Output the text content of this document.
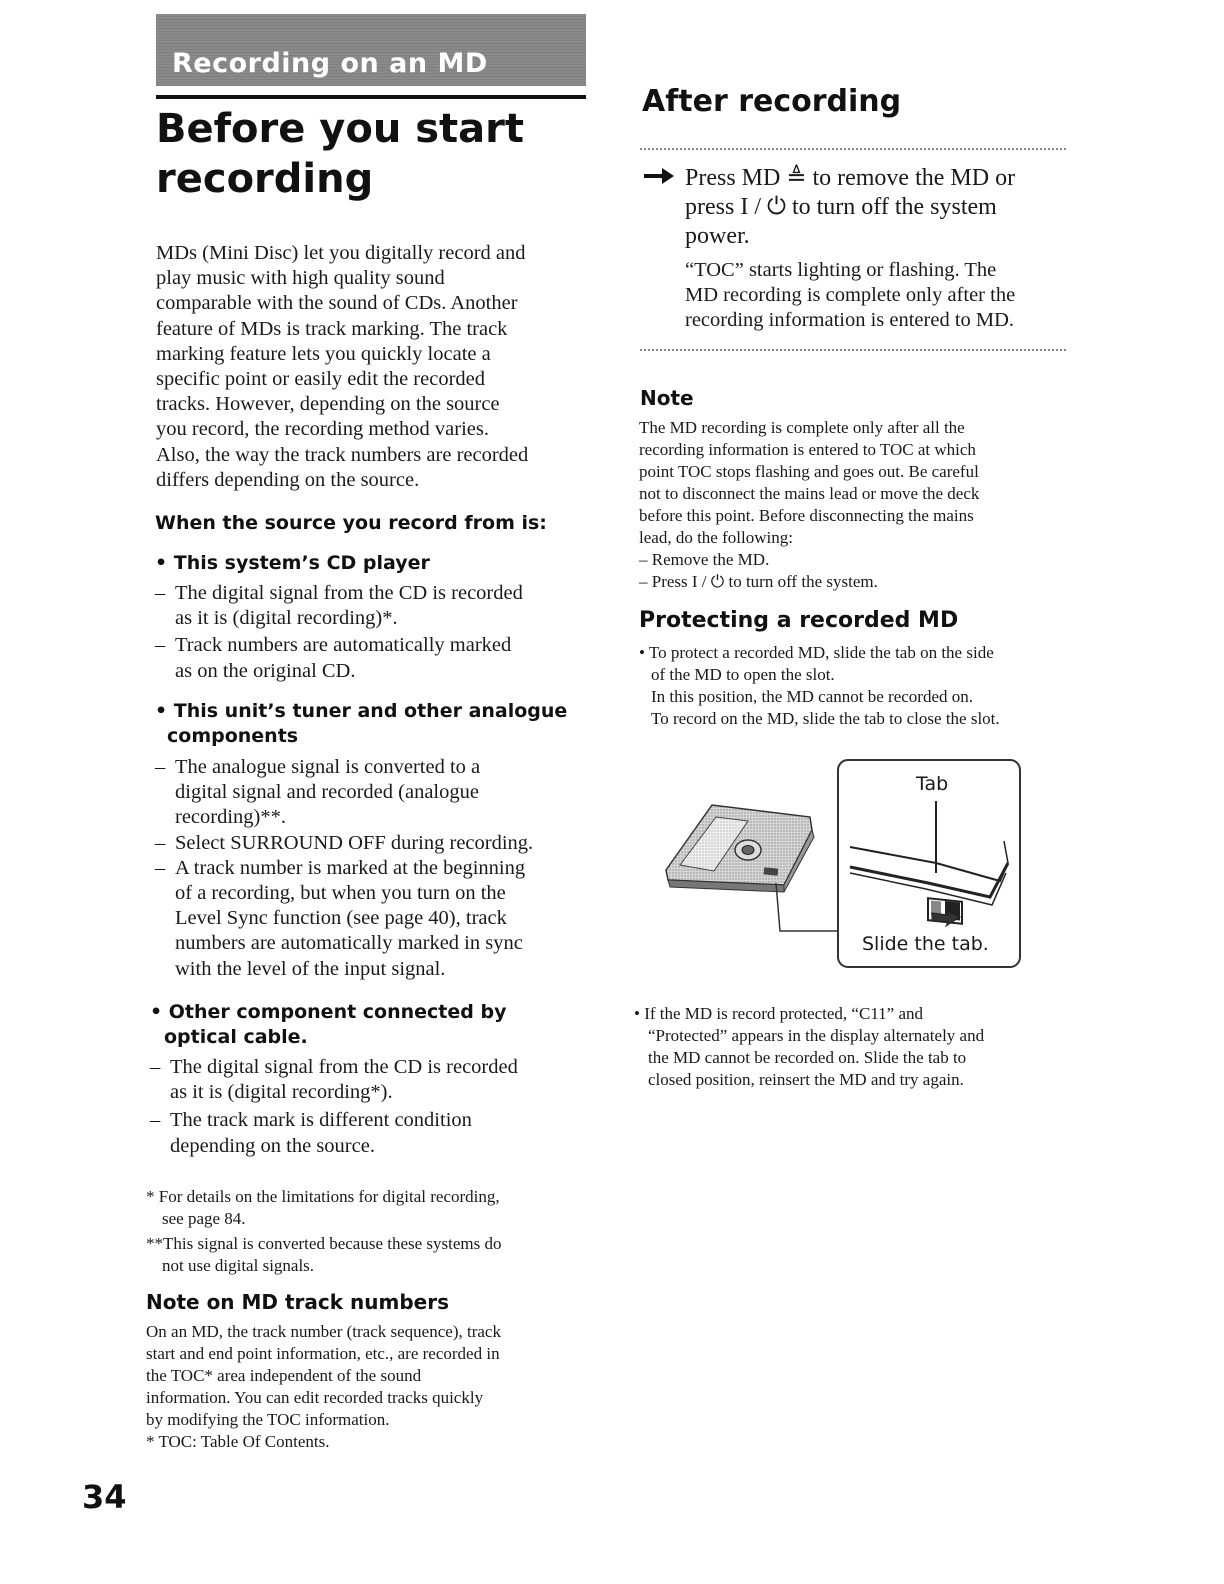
Recording on an MD
Before you start
recording
MDs (Mini Disc) let you digitally record and
play music with high quality sound
comparable with the sound of CDs. Another
feature of MDs is track marking. The track
marking feature lets you quickly locate a
specific point or easily edit the recorded
tracks. However, depending on the source
you record, the recording method varies.
Also, the way the track numbers are recorded
differs depending on the source.
When the source you record from is:
• This system’s CD player
– The digital signal from the CD is recorded
as it is (digital recording)*.
– Track numbers are automatically marked
as on the original CD.
• This unit’s tuner and other analogue
components
– The analogue signal is converted to a
digital signal and recorded (analogue
recording)**.
– Select SURROUND OFF during recording.
– A track number is marked at the beginning
of a recording, but when you turn on the
Level Sync function (see page 40), track
numbers are automatically marked in sync
with the level of the input signal.
• Other component connected by
optical cable.
– The digital signal from the CD is recorded
as it is (digital recording*).
– The track mark is different condition
depending on the source.
* For details on the limitations for digital recording,
see page 84.
**This signal is converted because these systems do
not use digital signals.
Note on MD track numbers
On an MD, the track number (track sequence), track
start and end point information, etc., are recorded in
the TOC* area independent of the sound
information. You can edit recorded tracks quickly
by modifying the TOC information.
* TOC: Table Of Contents.
34
After recording
Press MD ≜ to remove the MD or
press I / ⏻ to turn off the system
power.
“TOC” starts lighting or flashing. The
MD recording is complete only after the
recording information is entered to MD.
Note
The MD recording is complete only after all the
recording information is entered to TOC at which
point TOC stops flashing and goes out. Be careful
not to disconnect the mains lead or move the deck
before this point. Before disconnecting the mains
lead, do the following:
– Remove the MD.
– Press I / ⏻ to turn off the system.
Protecting a recorded MD
• To protect a recorded MD, slide the tab on the side
of the MD to open the slot.
In this position, the MD cannot be recorded on.
To record on the MD, slide the tab to close the slot.
Tab
Slide the tab.
• If the MD is record protected, “C11” and
“Protected” appears in the display alternately and
the MD cannot be recorded on. Slide the tab to
closed position, reinsert the MD and try again.
